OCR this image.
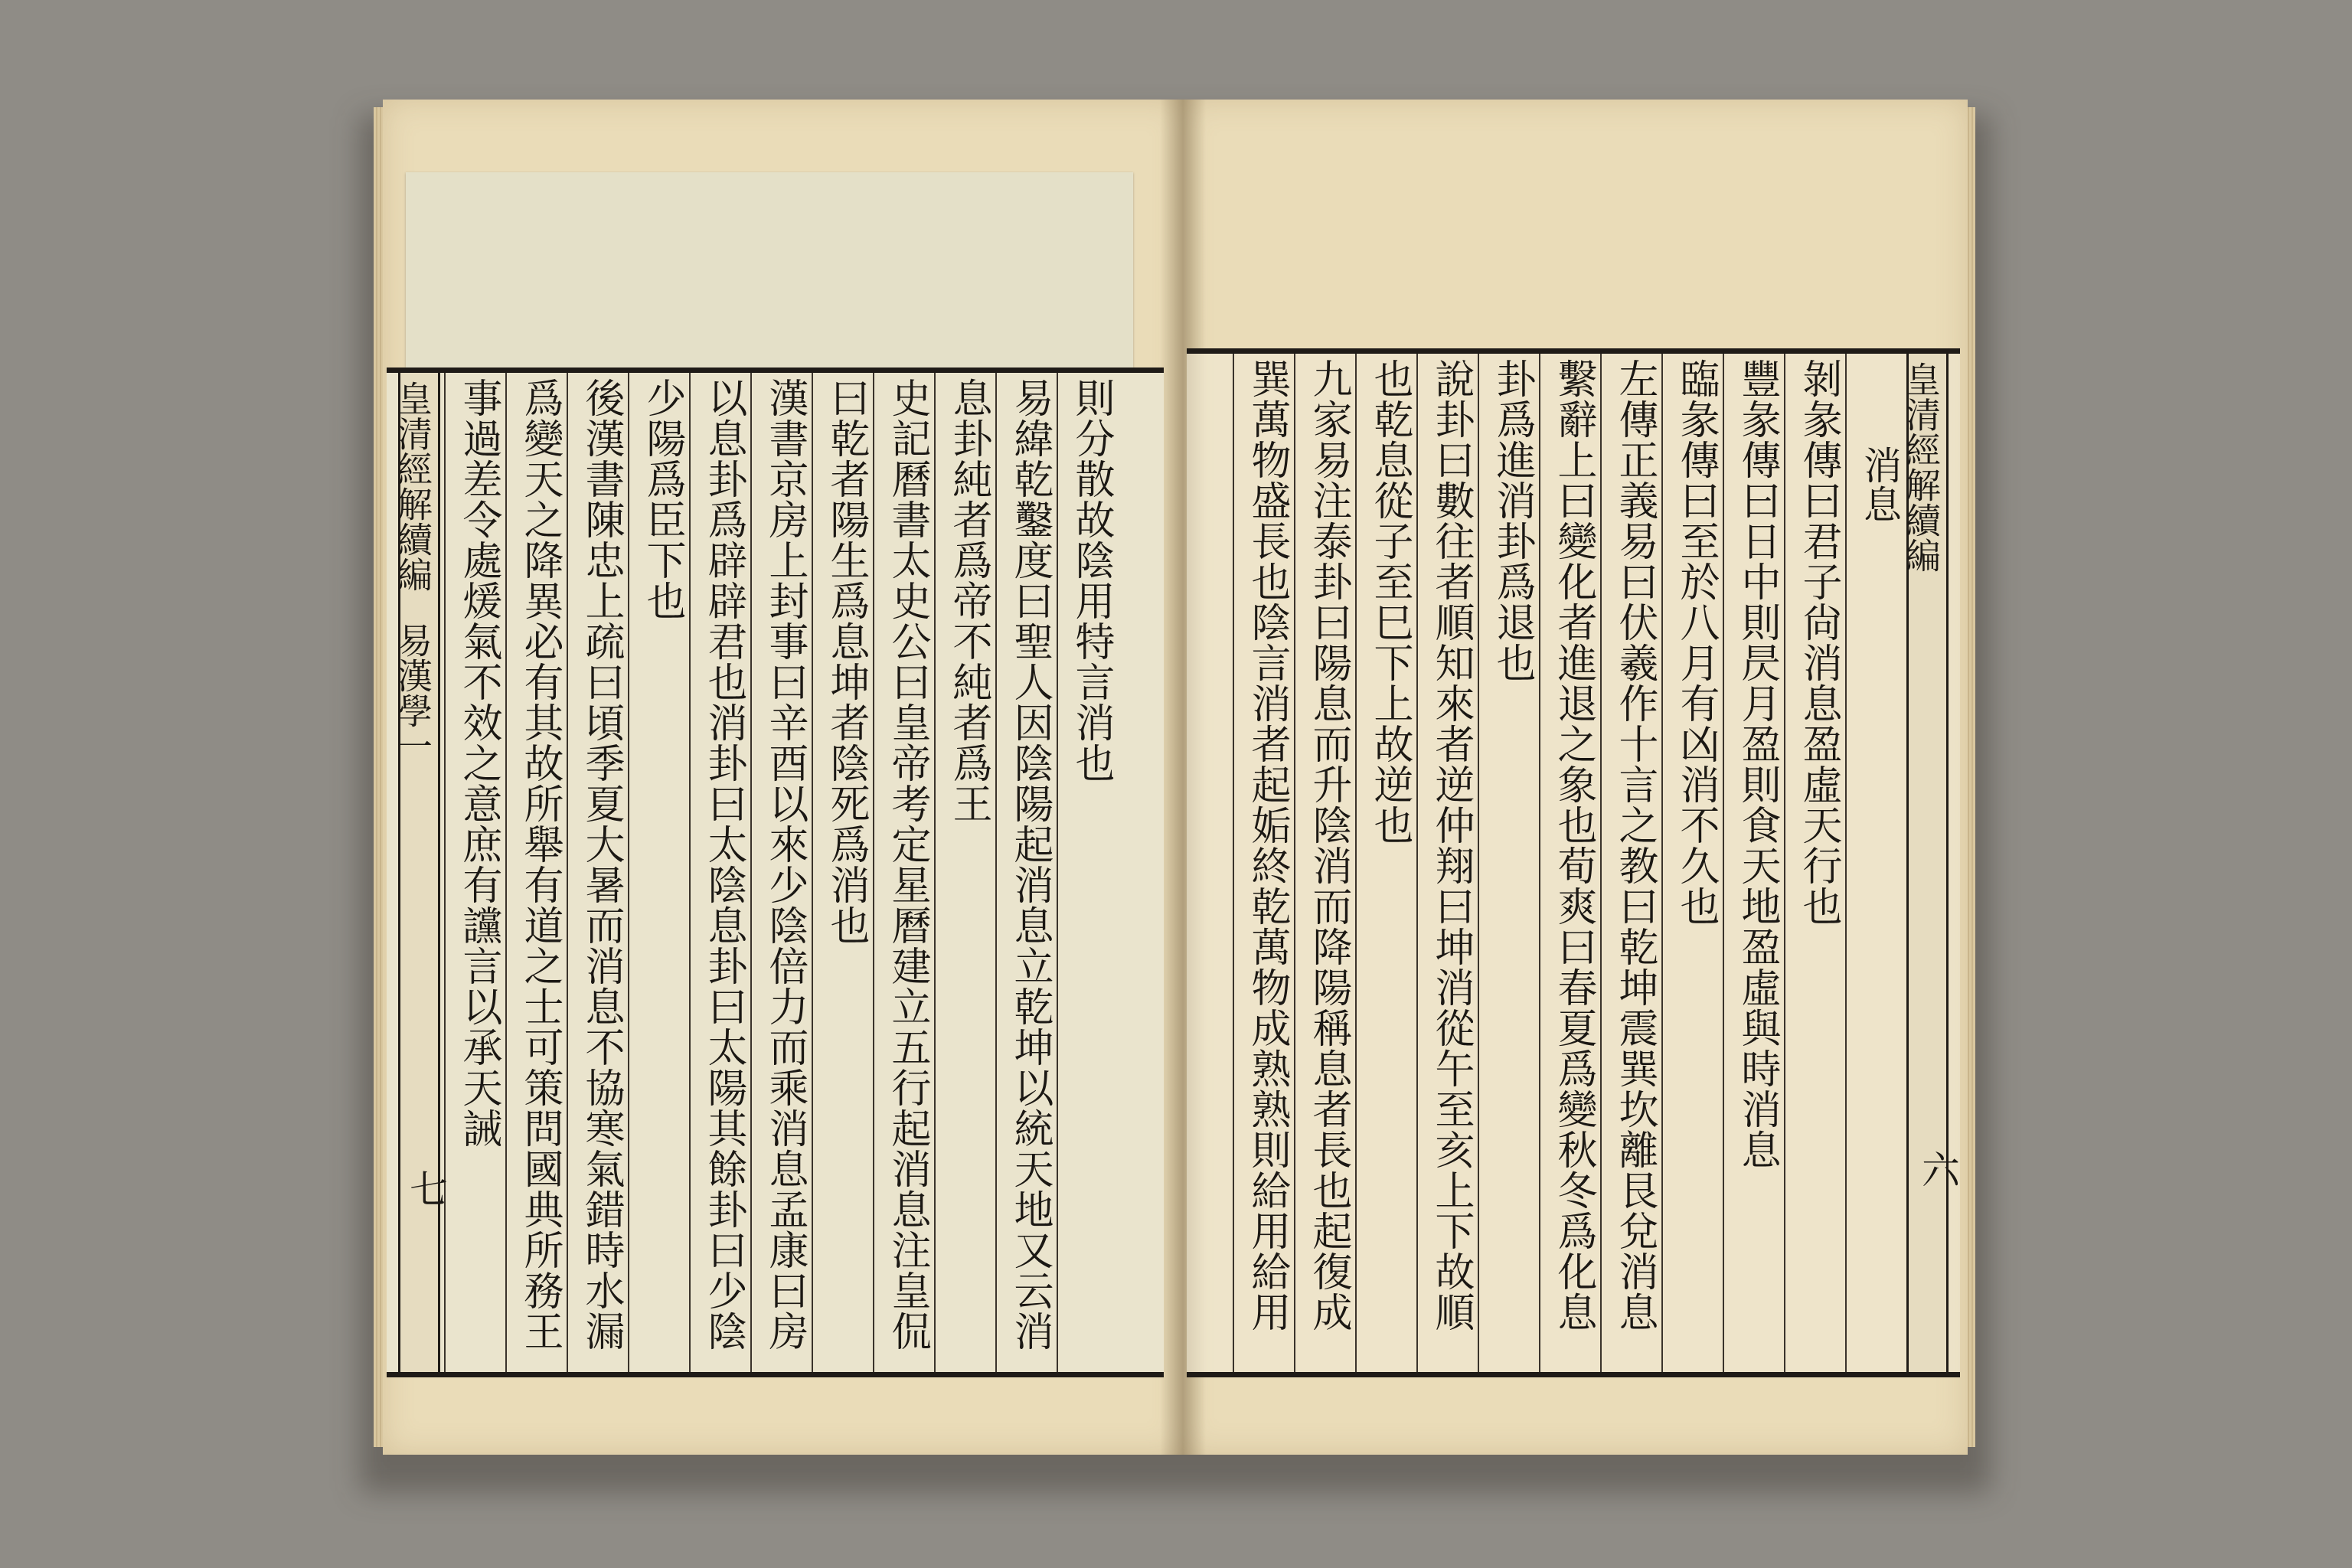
則分散故陰用特言消也
易緯乾鑿度曰聖人因陰陽起消息立乾坤以統天地又云消
息卦純者爲帝不純者爲王
史記曆書太史公曰皇帝考定星曆建立五行起消息注皇侃
曰乾者陽生爲息坤者陰死爲消也
漢書京房上封事曰辛酉以來少陰倍力而乘消息孟康曰房
以息卦爲辟辟君也消卦曰太陰息卦曰太陽其餘卦曰少陰
少陽爲臣下也
後漢書陳忠上疏曰頃季夏大暑而消息不協寒氣錯時水漏
爲變天之降異必有其故所舉有道之士可策問國典所務王
事過差令處煖氣不效之意庶有讜言以承天誡
皇清經解續編易漢學一
七
皇清經解續編
六
消息
剝彖傳曰君子尙消息盈虛天行也
豐彖傳曰日中則昃月盈則食天地盈虛與時消息
臨彖傳曰至於八月有凶消不久也
左傳正義易曰伏羲作十言之教曰乾坤震巽坎離艮兌消息
繫辭上曰變化者進退之象也荀爽曰春夏爲變秋冬爲化息
卦爲進消卦爲退也
說卦曰數往者順知來者逆仲翔曰坤消從午至亥上下故順
也乾息從子至巳下上故逆也
九家易注泰卦曰陽息而升陰消而降陽稱息者長也起復成
巽萬物盛長也陰言消者起姤終乾萬物成熟熟則給用給用
